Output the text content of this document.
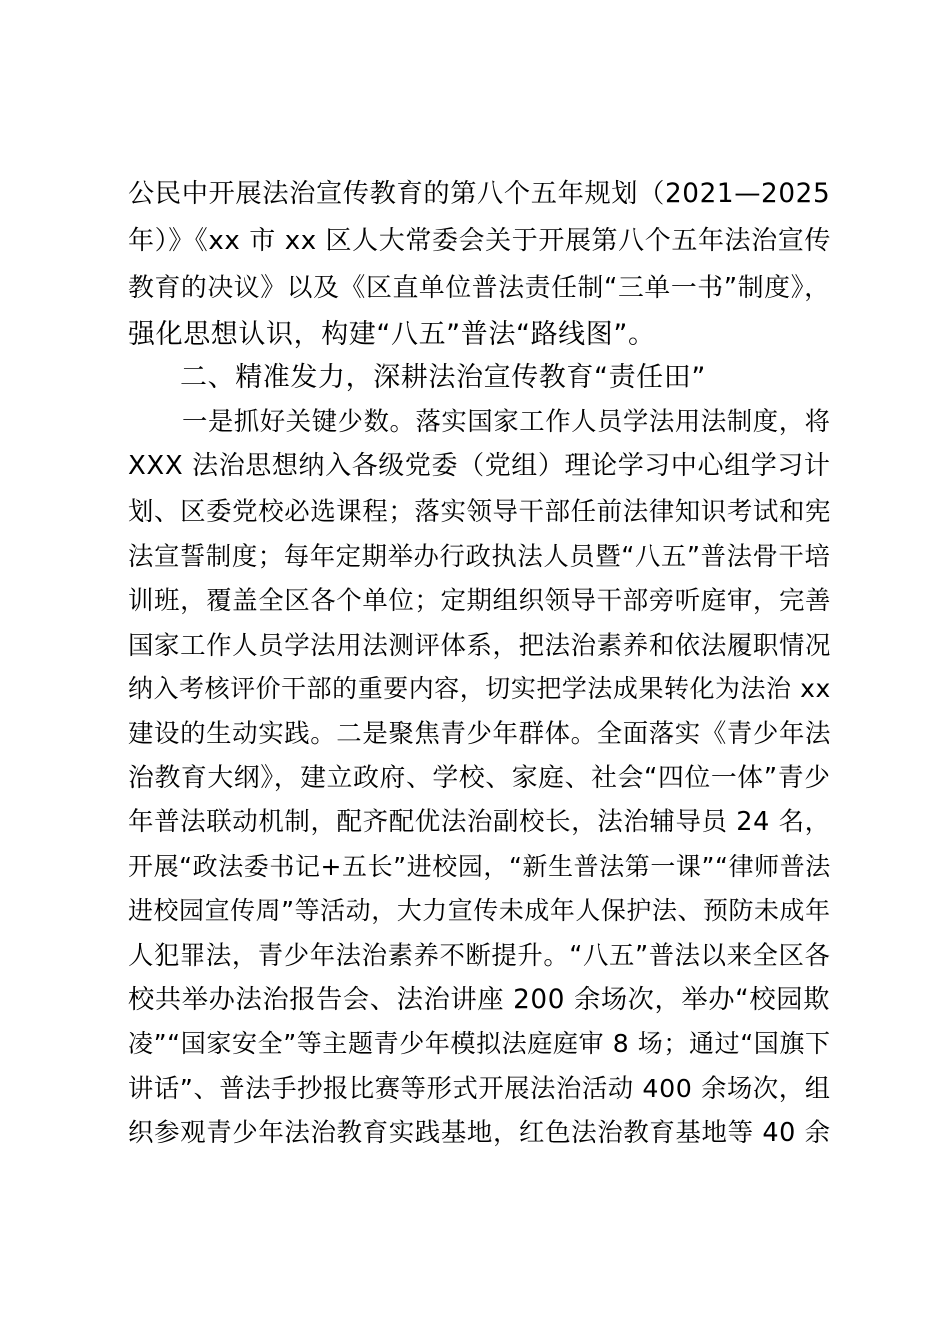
公民中开展法治宣传教育的第八个五年规划（2021—2025
年）》《xx 市 xx 区人大常委会关于开展第八个五年法治宣传
教育的决议》以及《区直单位普法责任制“三单一书”制度》，
强化思想认识，构建“八五”普法“路线图”。
二、精准发力，深耕法治宣传教育“责任田”
一是抓好关键少数。落实国家工作人员学法用法制度，将
XXX 法治思想纳入各级党委（党组）理论学习中心组学习计
划、区委党校必选课程；落实领导干部任前法律知识考试和宪
法宣誓制度；每年定期举办行政执法人员暨“八五”普法骨干培
训班，覆盖全区各个单位；定期组织领导干部旁听庭审，完善
国家工作人员学法用法测评体系，把法治素养和依法履职情况
纳入考核评价干部的重要内容，切实把学法成果转化为法治 xx
建设的生动实践。二是聚焦青少年群体。全面落实《青少年法
治教育大纲》，建立政府、学校、家庭、社会“四位一体”青少
年普法联动机制，配齐配优法治副校长，法治辅导员 24 名，
开展“政法委书记+五长”进校园，“新生普法第一课”“律师普法
进校园宣传周”等活动，大力宣传未成年人保护法、预防未成年
人犯罪法，青少年法治素养不断提升。“八五”普法以来全区各
校共举办法治报告会、法治讲座 200 余场次，举办“校园欺
凌”“国家安全”等主题青少年模拟法庭庭审 8 场；通过“国旗下
讲话”、普法手抄报比赛等形式开展法治活动 400 余场次，组
织参观青少年法治教育实践基地，红色法治教育基地等 40 余
